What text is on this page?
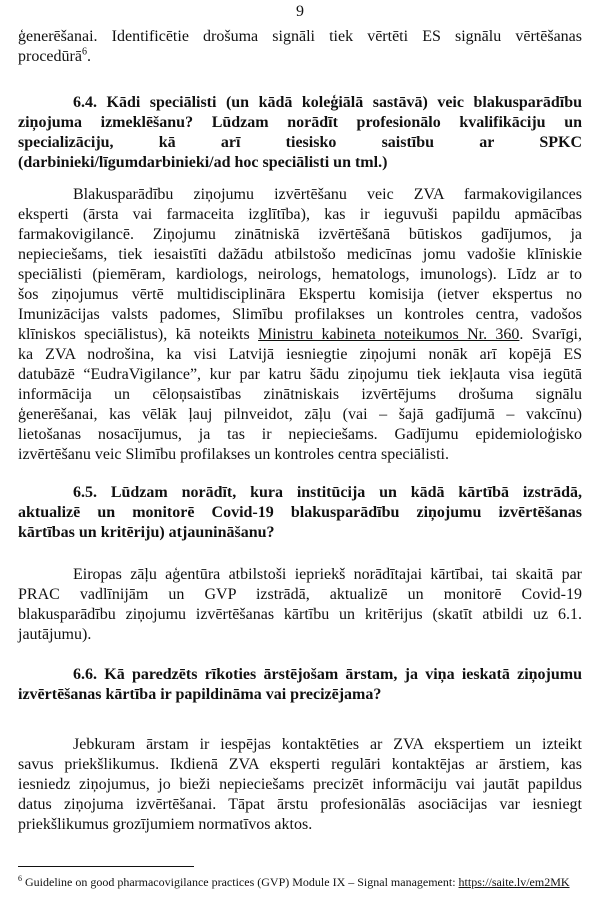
9
ģenerēšanai. Identificētie drošuma signāli tiek vērtēti ES signālu vērtēšanas
procedūrā$^6$.
6.4. Kādi speciālisti (un kādā koleģiālā sastāvā) veic blakusparādību
ziņojuma izmeklēšanu? Lūdzam norādīt profesionālo kvalifikāciju un
specializāciju, kā arī tiesisko saistību ar SPKC
(darbinieki/līgumdarbinieki/ad hoc speciālisti un tml.)
Blakusparādību ziņojumu izvērtēšanu veic ZVA farmakovigilances
eksperti (ārsta vai farmaceita izglītība), kas ir ieguvuši papildu apmācības
farmakovigilancē. Ziņojumu zinātniskā izvērtēšanā būtiskos gadījumos, ja
nepieciešams, tiek iesaistīti dažādu atbilstošo medicīnas jomu vadošie klīniskie
speciālisti (piemēram, kardiologs, neirologs, hematologs, imunologs). Līdz ar to
šos ziņojumus vērtē multidisciplināra Ekspertu komisija (ietver ekspertus no
Imunizācijas valsts padomes, Slimību profilakses un kontroles centra, vadošos
klīniskos speciālistus), kā noteikts Ministru kabineta noteikumos Nr. 360. Svarīgi,
ka ZVA nodrošina, ka visi Latvijā iesniegtie ziņojumi nonāk arī kopējā ES
datubāzē “EudraVigilance”, kur par katru šādu ziņojumu tiek iekļauta visa iegūtā
informācija un cēloņsaistības zinātniskais izvērtējums drošuma signālu
ģenerēšanai, kas vēlāk ļauj pilnveidot, zāļu (vai – šajā gadījumā – vakcīnu)
lietošanas nosacījumus, ja tas ir nepieciešams. Gadījumu epidemioloģisko
izvērtēšanu veic Slimību profilakses un kontroles centra speciālisti.
6.5. Lūdzam norādīt, kura institūcija un kādā kārtībā izstrādā,
aktualizē un monitorē Covid-19 blakusparādību ziņojumu izvērtēšanas
kārtības un kritēriju) atjaunināšanu?
Eiropas zāļu aģentūra atbilstoši iepriekš norādītajai kārtībai, tai skaitā par
PRAC vadlīnijām un GVP izstrādā, aktualizē un monitorē Covid-19
blakusparādību ziņojumu izvērtēšanas kārtību un kritērijus (skatīt atbildi uz 6.1.
jautājumu).
6.6. Kā paredzēts rīkoties ārstējošam ārstam, ja viņa ieskatā ziņojumu
izvērtēšanas kārtība ir papildināma vai precizējama?
Jebkuram ārstam ir iespējas kontaktēties ar ZVA ekspertiem un izteikt
savus priekšlikumus. Ikdienā ZVA eksperti regulāri kontaktējas ar ārstiem, kas
iesniedz ziņojumus, jo bieži nepieciešams precizēt informāciju vai jautāt papildus
datus ziņojuma izvērtēšanai. Tāpat ārstu profesionālās asociācijas var iesniegt
priekšlikumus grozījumiem normatīvos aktos.
$^6$ Guideline on good pharmacovigilance practices (GVP) Module IX – Signal management: https://saite.lv/em2MK
